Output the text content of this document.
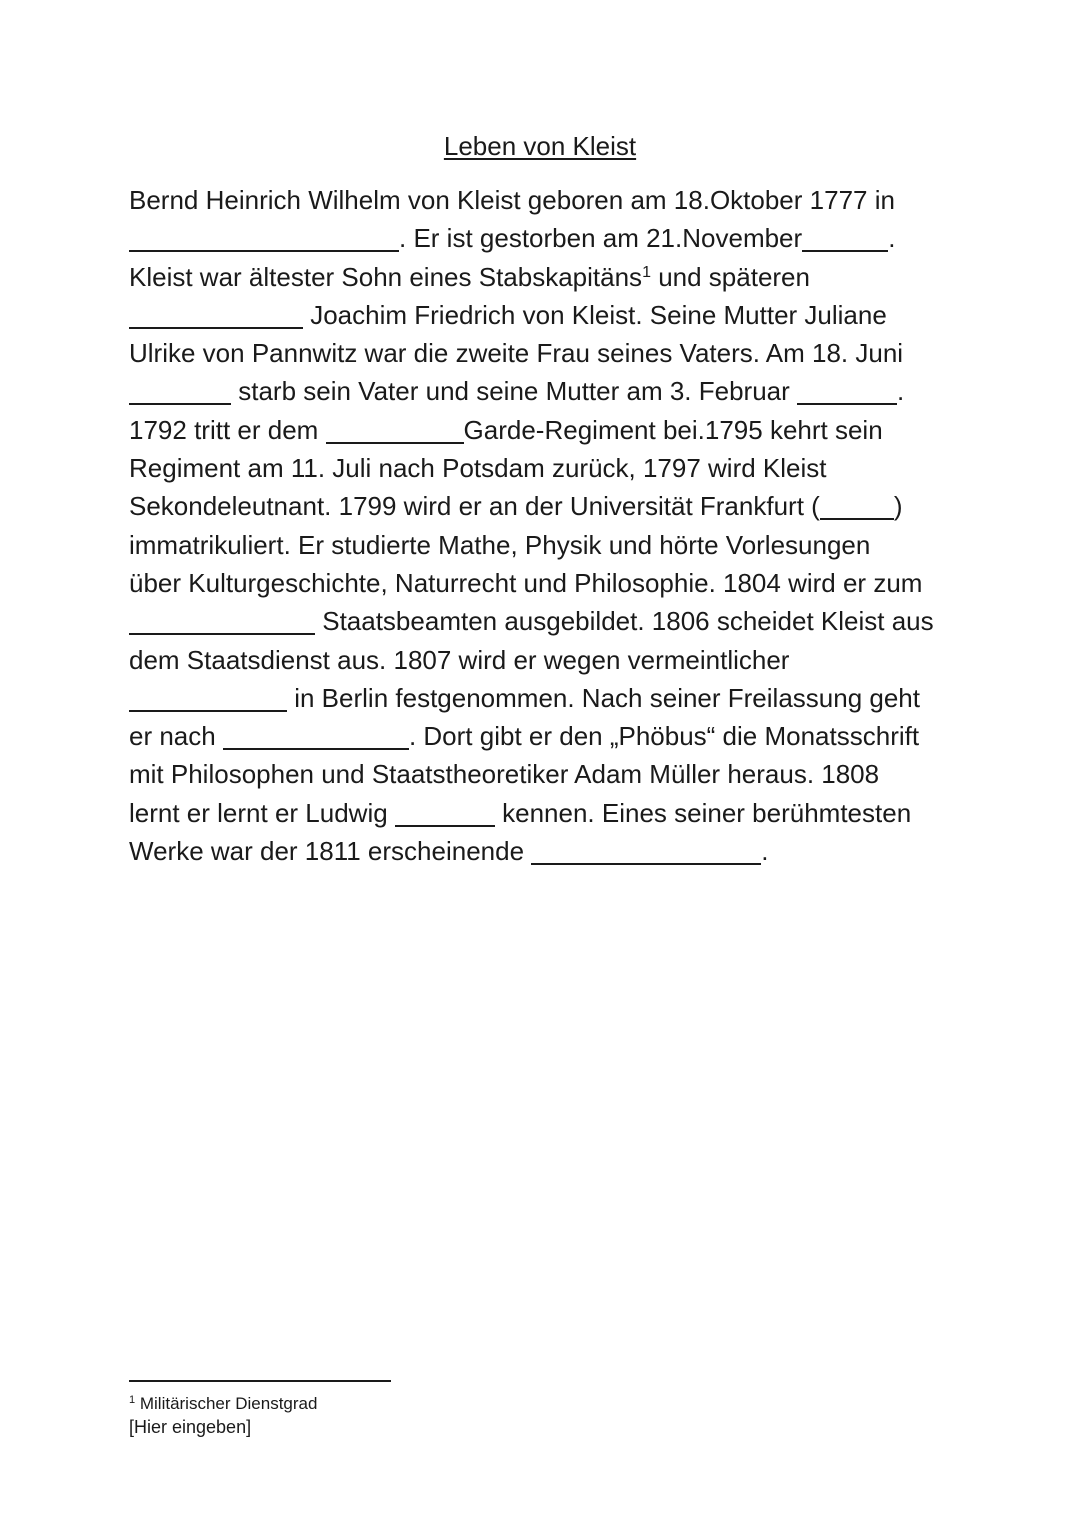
Leben von Kleist
Bernd Heinrich Wilhelm von Kleist geboren am 18.Oktober 1777 in
. Er ist gestorben am 21.November	.
Kleist war ältester Sohn eines Stabskapitäns$^1$ und späteren
Joachim Friedrich von Kleist. Seine Mutter Juliane
Ulrike von Pannwitz war die zweite Frau seines Vaters. Am 18. Juni
starb sein Vater und seine Mutter am 3. Februar	.
1792 tritt er dem	Garde-Regiment bei.1795 kehrt sein
Regiment am 11. Juli nach Potsdam zurück, 1797 wird Kleist
Sekondeleutnant. 1799 wird er an der Universität Frankfurt (	)
immatrikuliert. Er studierte Mathe, Physik und hörte Vorlesungen
über Kulturgeschichte, Naturrecht und Philosophie. 1804 wird er zum
Staatsbeamten ausgebildet. 1806 scheidet Kleist aus
dem Staatsdienst aus. 1807 wird er wegen vermeintlicher
in Berlin festgenommen. Nach seiner Freilassung geht
er nach	. Dort gibt er den „Phöbus“ die Monatsschrift
mit Philosophen und Staatstheoretiker Adam Müller heraus. 1808
lernt er lernt er Ludwig	kennen. Eines seiner berühmtesten
Werke war der 1811 erscheinende	.
$^1$ Militärischer Dienstgrad
[Hier eingeben]
